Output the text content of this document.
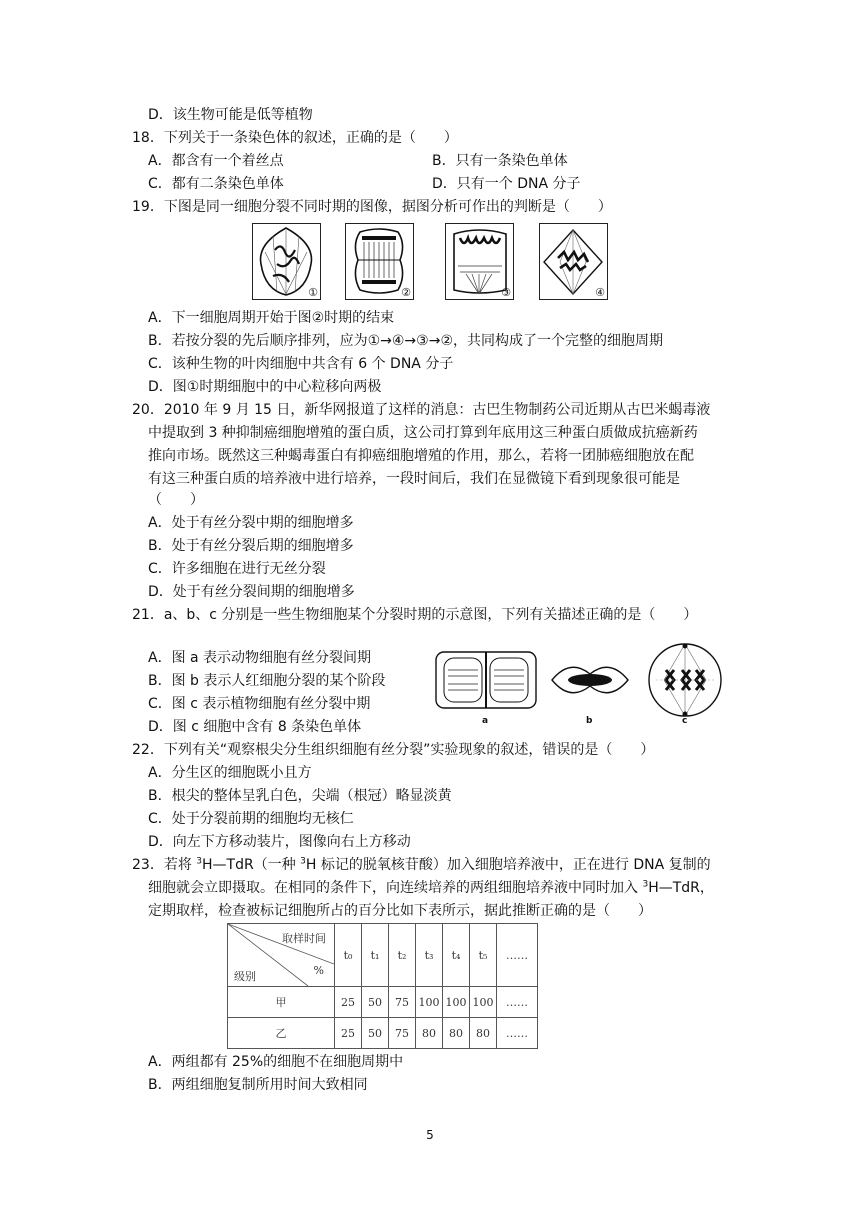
D．该生物可能是低等植物
18．下列关于一条染色体的叙述，正确的是（　　）
A．都含有一个着丝点	B．只有一条染色单体
C．都有二条染色单体	D．只有一个 DNA 分子
19．下图是同一细胞分裂不同时期的图像，据图分析可作出的判断是（　　）
①	②	③	④
A．下一细胞周期开始于图②时期的结束
B．若按分裂的先后顺序排列，应为①→④→③→②，共同构成了一个完整的细胞周期
C．该种生物的叶肉细胞中共含有 6 个 DNA 分子
D．图①时期细胞中的中心粒移向两极
20．2010 年 9 月 15 日，新华网报道了这样的消息：古巴生物制药公司近期从古巴米蝎毒液
中提取到 3 种抑制癌细胞增殖的蛋白质，这公司打算到年底用这三种蛋白质做成抗癌新药
推向市场。既然这三种蝎毒蛋白有抑癌细胞增殖的作用，那么，若将一团肺癌细胞放在配
有这三种蛋白质的培养液中进行培养，一段时间后，我们在显微镜下看到现象很可能是
（　　）
A．处于有丝分裂中期的细胞增多
B．处于有丝分裂后期的细胞增多
C．许多细胞在进行无丝分裂
D．处于有丝分裂间期的细胞增多
21．a、b、c 分别是一些生物细胞某个分裂时期的示意图，下列有关描述正确的是（　　）
A．图 a 表示动物细胞有丝分裂间期
B．图 b 表示人红细胞分裂的某个阶段
C．图 c 表示植物细胞有丝分裂中期
D．图 c 细胞中含有 8 条染色单体	a	b	c
22．下列有关“观察根尖分生组织细胞有丝分裂”实验现象的叙述，错误的是（　　）
A．分生区的细胞既小且方
B．根尖的整体呈乳白色，尖端（根冠）略显淡黄
C．处于分裂前期的细胞均无核仁
D．向左下方移动装片，图像向右上方移动
23．若将 $^3$H—TdR（一种 $^3$H 标记的脱氧核苷酸）加入细胞培养液中，正在进行 DNA 复制的
细胞就会立即摄取。在相同的条件下，向连续培养的两组细胞培养液中同时加入 $^3$H—TdR，
定期取样，检查被标记细胞所占的百分比如下表所示，据此推断正确的是（　　）
取样时间
%
级别	t₀	t₁	t₂	t₃	t₄	t₅	……
甲	25	50	75	100	100	100	……
乙	25	50	75	80	80	80	……
A．两组都有 25%的细胞不在细胞周期中
B．两组细胞复制所用时间大致相同
5
